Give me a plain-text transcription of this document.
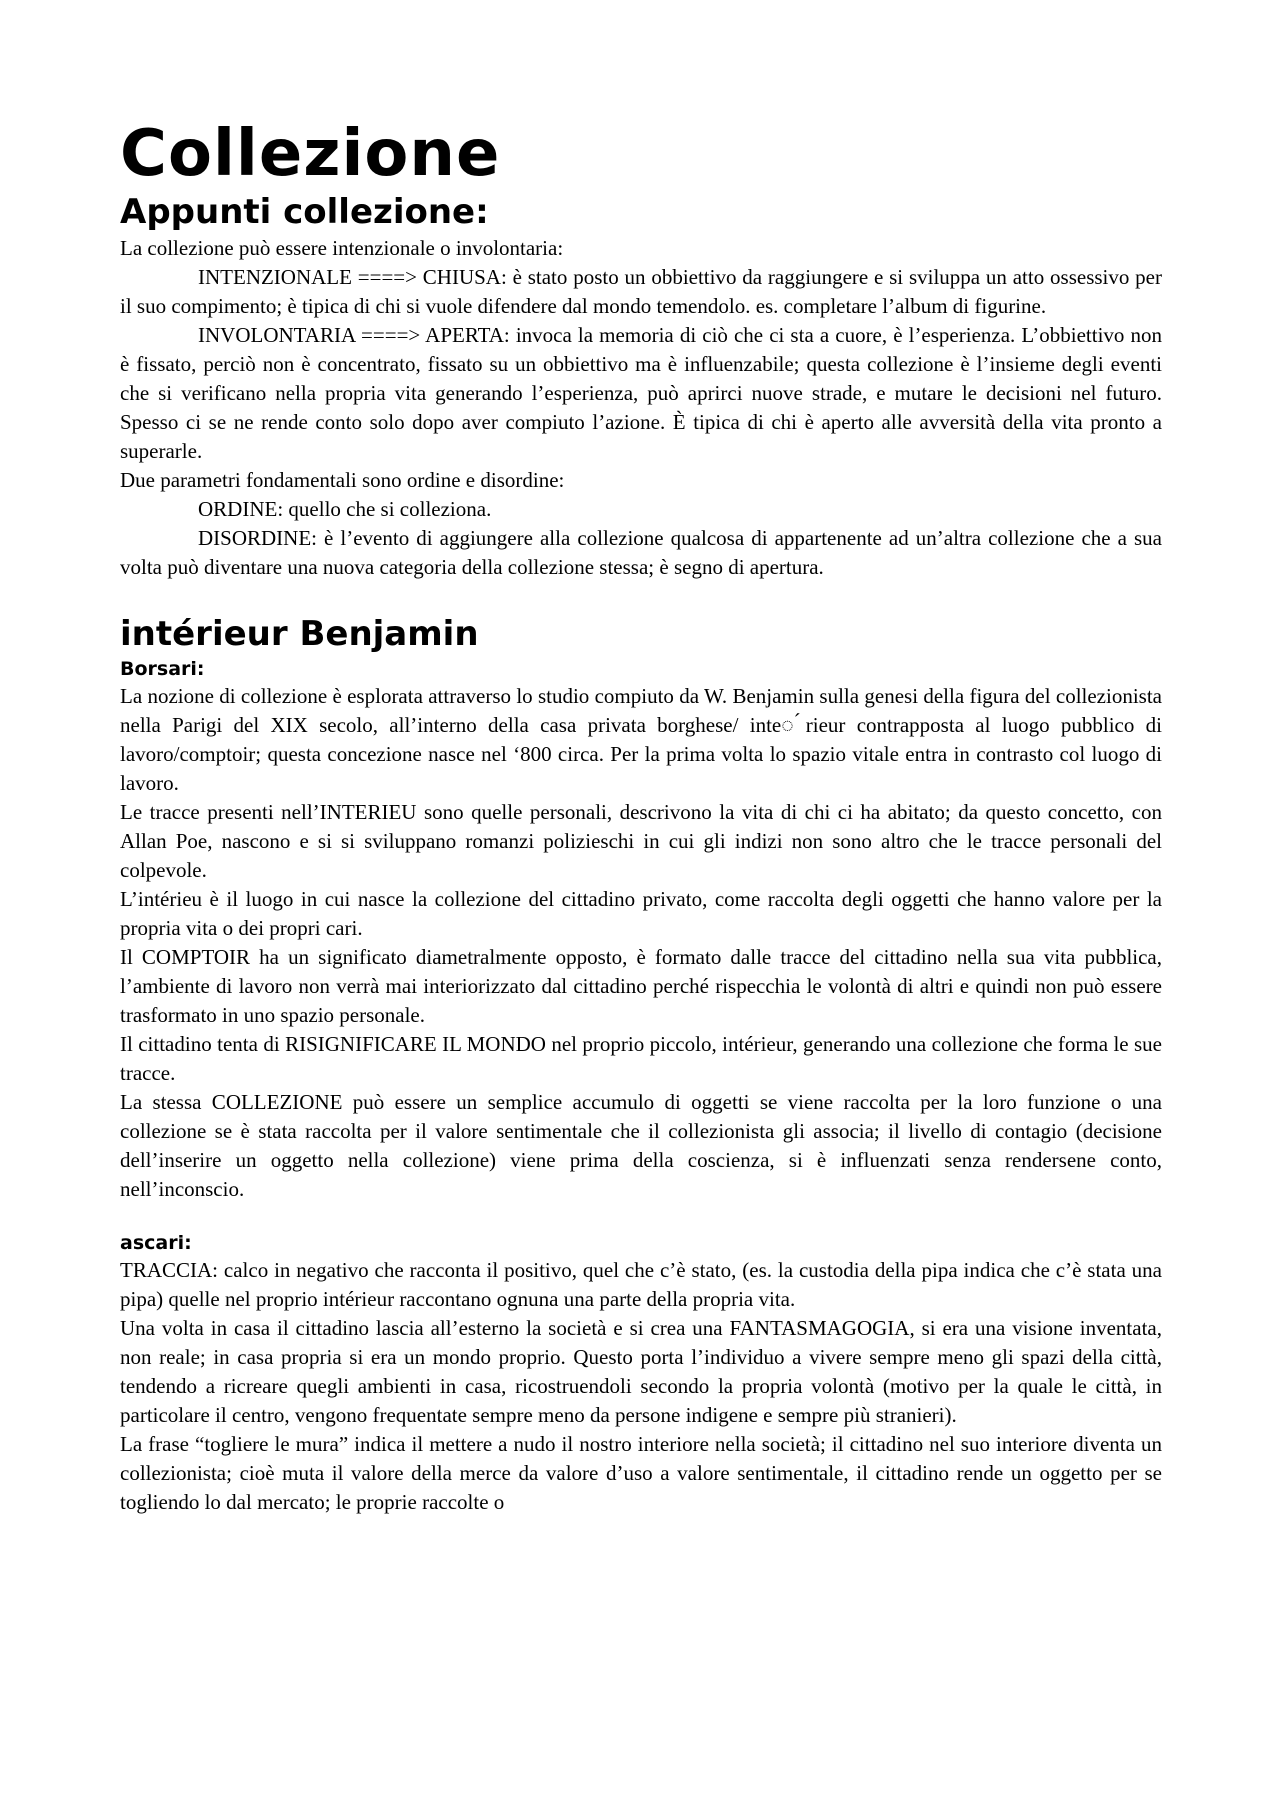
Collezione
Appunti collezione:

La collezione può essere intenzionale o involontaria:

INTENZIONALE ====> CHIUSA: è stato posto un obbiettivo da raggiungere e si sviluppa un atto ossessivo per il suo compimento; è tipica di chi si vuole difendere dal mondo temendolo. es. completare l’album di figurine.

INVOLONTARIA ====> APERTA: invoca la memoria di ciò che ci sta a cuore, è l’esperienza. L’obbiettivo non è fissato, perciò non è concentrato, fissato su un obbiettivo ma è influenzabile; questa collezione è l’insieme degli eventi che si verificano nella propria vita generando l’esperienza, può aprirci nuove strade, e mutare le decisioni nel futuro. Spesso ci se ne rende conto solo dopo aver compiuto l’azione. È tipica di chi è aperto alle avversità della vita pronto a superarle.

Due parametri fondamentali sono ordine e disordine:

ORDINE: quello che si colleziona.

DISORDINE: è l’evento di aggiungere alla collezione qualcosa di appartenente ad un’altra collezione che a sua volta può diventare una nuova categoria della collezione stessa; è segno di apertura.

intérieur Benjamin
Borsari:

La nozione di collezione è esplorata attraverso lo studio compiuto da W. Benjamin sulla genesi della figura del collezionista nella Parigi del XIX secolo, all’interno della casa privata borghese/ inte◌́rieur contrapposta al luogo pubblico di lavoro/comptoir; questa concezione nasce nel ‘800 circa. Per la prima volta lo spazio vitale entra in contrasto col luogo di lavoro.

Le tracce presenti nell’INTERIEU sono quelle personali, descrivono la vita di chi ci ha abitato; da questo concetto, con Allan Poe, nascono e si si sviluppano romanzi polizieschi in cui gli indizi non sono altro che le tracce personali del colpevole.

L’intérieu è il luogo in cui nasce la collezione del cittadino privato, come raccolta degli oggetti che hanno valore per la propria vita o dei propri cari.

Il COMPTOIR ha un significato diametralmente opposto, è formato dalle tracce del cittadino nella sua vita pubblica, l’ambiente di lavoro non verrà mai interiorizzato dal cittadino perché rispecchia le volontà di altri e quindi non può essere trasformato in uno spazio personale.

Il cittadino tenta di RISIGNIFICARE IL MONDO nel proprio piccolo, intérieur, generando una collezione che forma le sue tracce.

La stessa COLLEZIONE può essere un semplice accumulo di oggetti se viene raccolta per la loro funzione o una collezione se è stata raccolta per il valore sentimentale che il collezionista gli associa; il livello di contagio (decisione dell’inserire un oggetto nella collezione) viene prima della coscienza, si è influenzati senza rendersene conto, nell’inconscio.

ascari:

TRACCIA: calco in negativo che racconta il positivo, quel che c’è stato, (es. la custodia della pipa indica che c’è stata una pipa) quelle nel proprio intérieur raccontano ognuna una parte della propria vita.

Una volta in casa il cittadino lascia all’esterno la società e si crea una FANTASMAGOGIA, si era una visione inventata, non reale; in casa propria si era un mondo proprio. Questo porta l’individuo a vivere sempre meno gli spazi della città, tendendo a ricreare quegli ambienti in casa, ricostruendoli secondo la propria volontà (motivo per la quale le città, in particolare il centro, vengono frequentate sempre meno da persone indigene e sempre più stranieri).

La frase “togliere le mura” indica il mettere a nudo il nostro interiore nella società; il cittadino nel suo interiore diventa un collezionista; cioè muta il valore della merce da valore d’uso a valore sentimentale, il cittadino rende un oggetto per se togliendo lo dal mercato; le proprie raccolte o
